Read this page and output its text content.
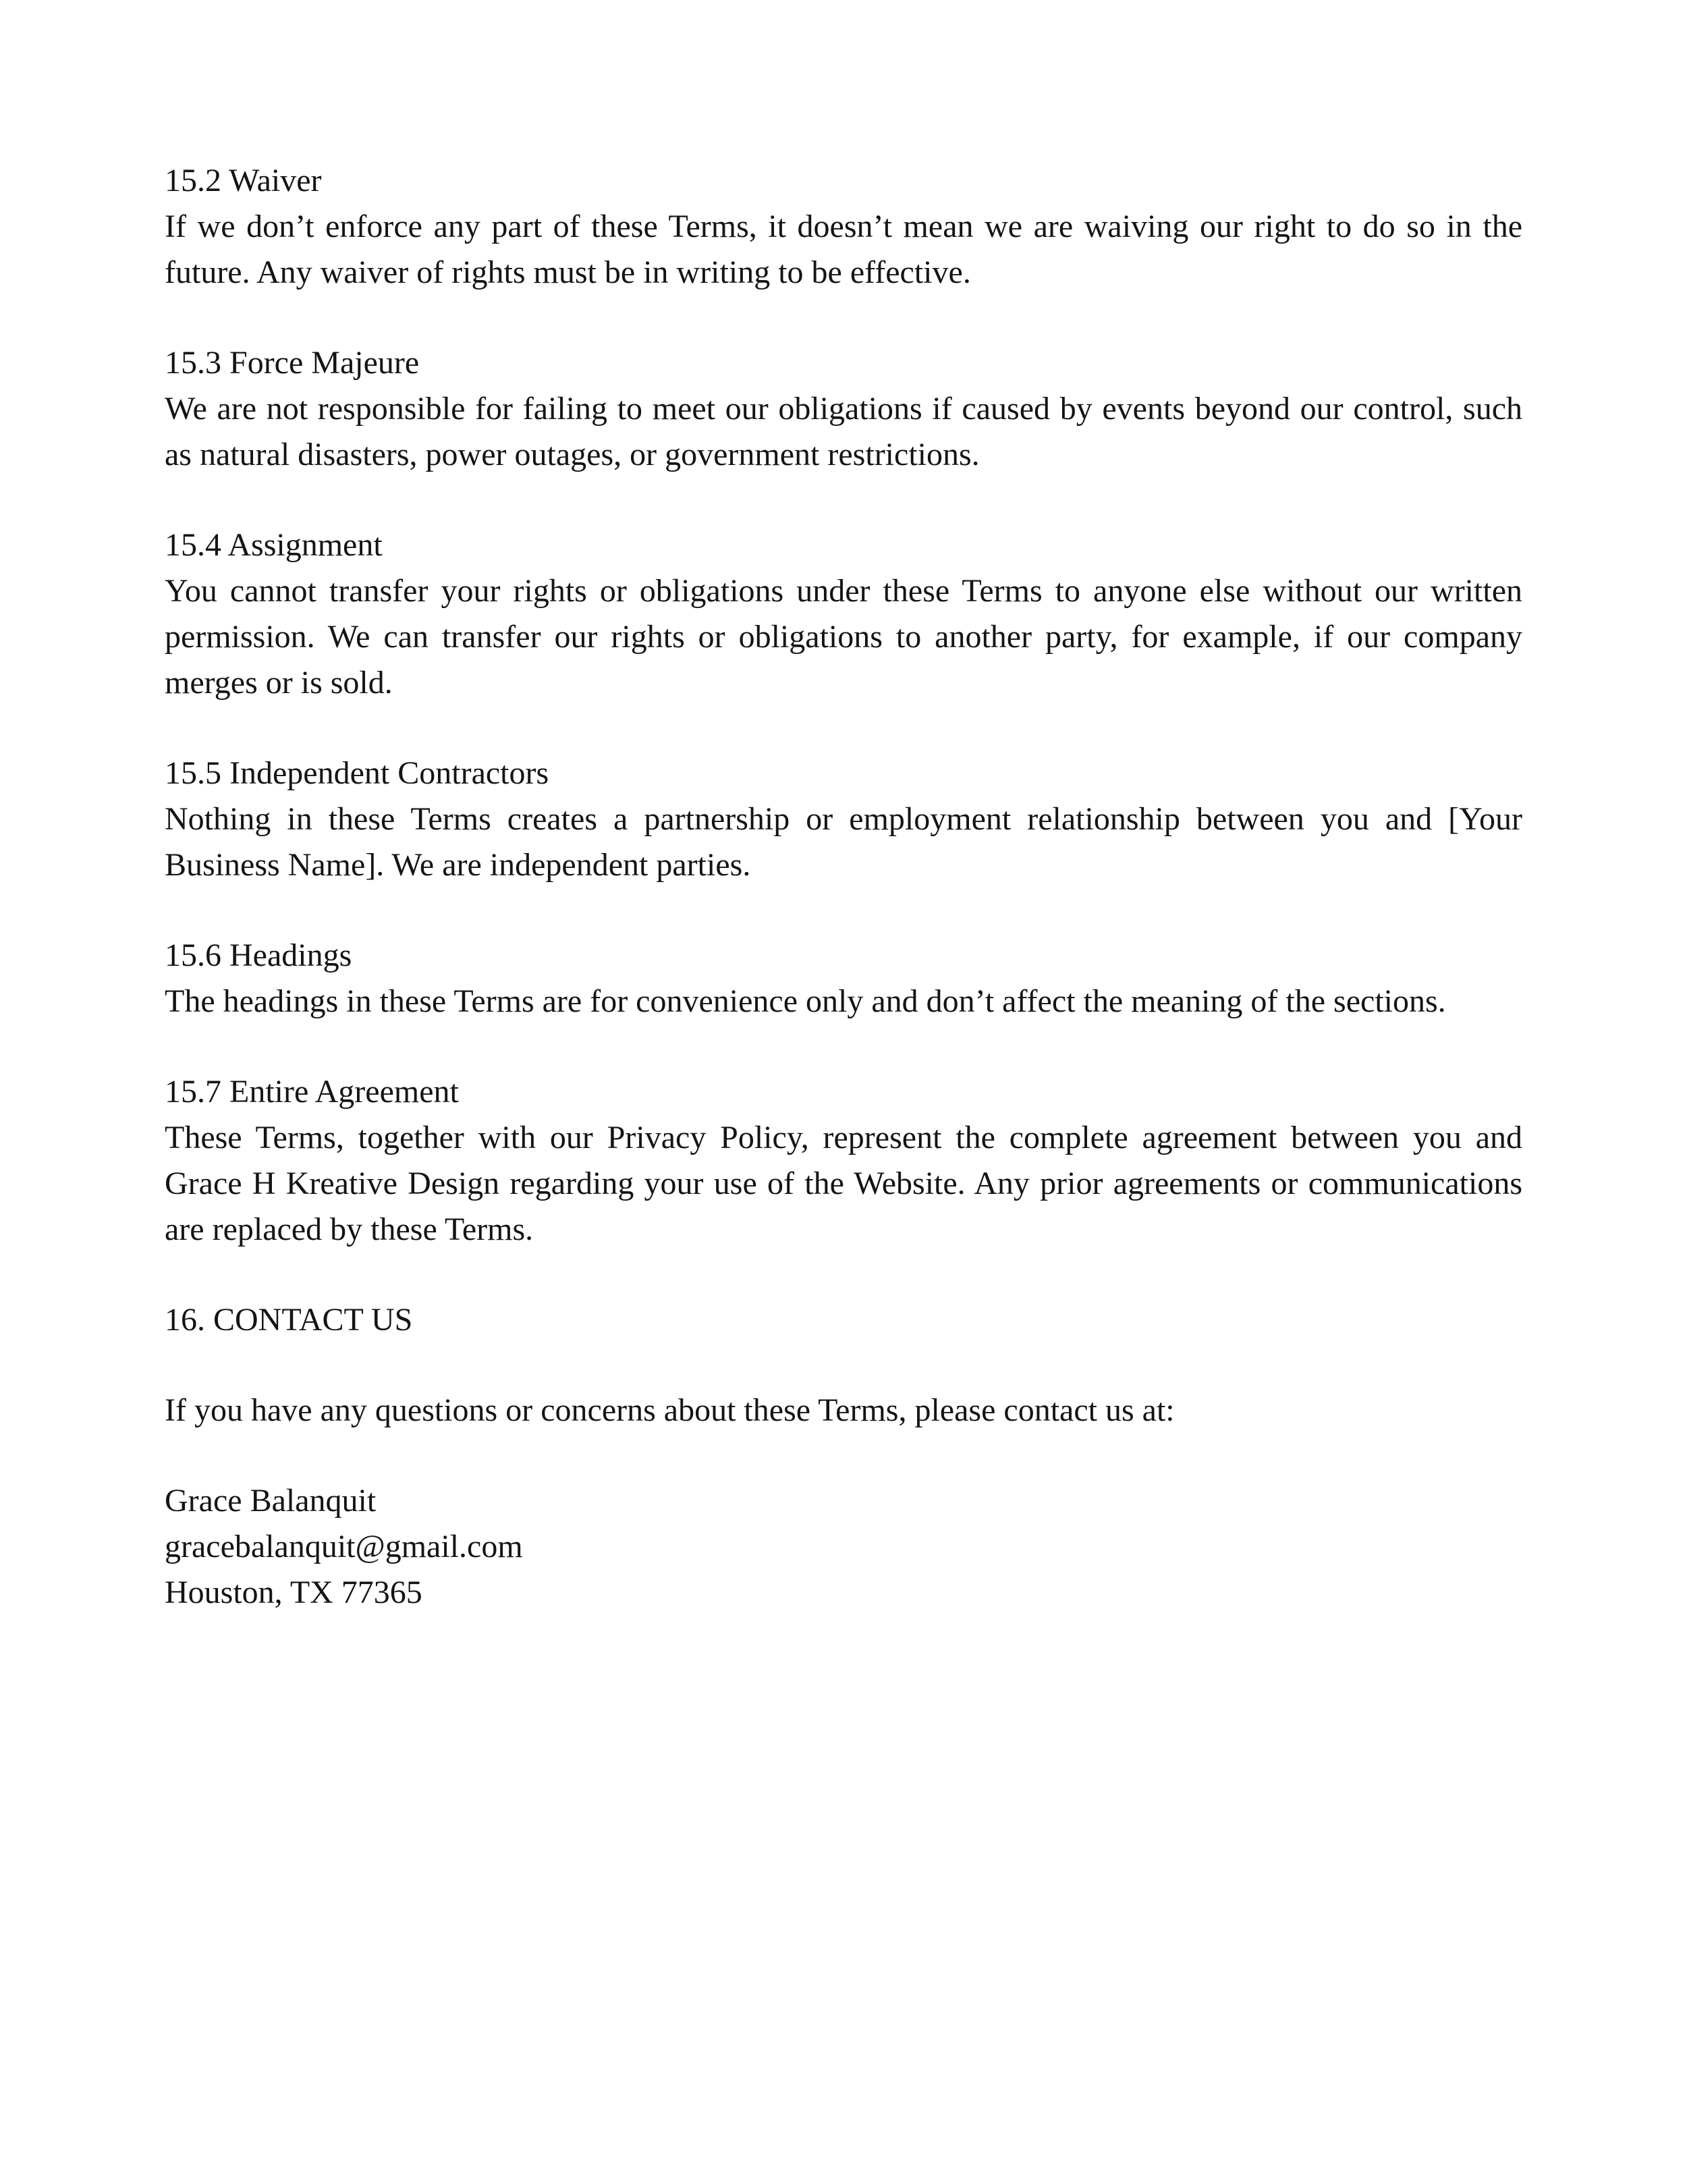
15.2 Waiver

If we don’t enforce any part of these Terms, it doesn’t mean we are waiving our right to do so in the future. Any waiver of rights must be in writing to be effective.

15.3 Force Majeure

We are not responsible for failing to meet our obligations if caused by events beyond our control, such as natural disasters, power outages, or government restrictions.

15.4 Assignment

You cannot transfer your rights or obligations under these Terms to anyone else without our written permission. We can transfer our rights or obligations to another party, for example, if our company merges or is sold.

15.5 Independent Contractors

Nothing in these Terms creates a partnership or employment relationship between you and [Your Business Name]. We are independent parties.

15.6 Headings

The headings in these Terms are for convenience only and don’t affect the meaning of the sections.

15.7 Entire Agreement

These Terms, together with our Privacy Policy, represent the complete agreement between you and Grace H Kreative Design regarding your use of the Website. Any prior agreements or communications are replaced by these Terms.

16. CONTACT US

If you have any questions or concerns about these Terms, please contact us at:

Grace Balanquit
gracebalanquit@gmail.com
Houston, TX 77365
